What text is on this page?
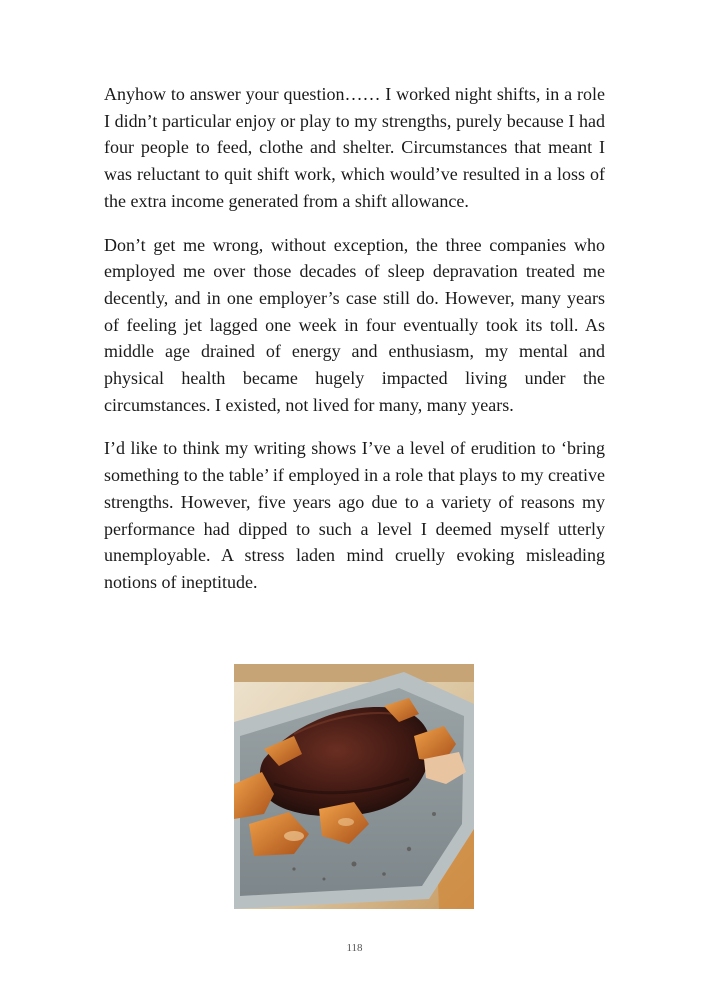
Anyhow to answer your question…… I worked night shifts, in a role I didn’t particular enjoy or play to my strengths, purely because I had four people to feed, clothe and shelter. Circumstances that meant I was reluctant to quit shift work, which would’ve resulted in a loss of the extra income generated from a shift allowance.

Don’t get me wrong, without exception, the three companies who employed me over those decades of sleep depravation treated me decently, and in one employer’s case still do. However, many years of feeling jet lagged one week in four eventually took its toll. As middle age drained of energy and enthusiasm, my mental and physical health became hugely impacted living under the circumstances. I existed, not lived for many, many years.

I’d like to think my writing shows I’ve a level of erudition to ‘bring something to the table’ if employed in a role that plays to my creative strengths. However, five years ago due to a variety of reasons my performance had dipped to such a level I deemed myself utterly unemployable. A stress laden mind cruelly evoking misleading notions of ineptitude.

118
